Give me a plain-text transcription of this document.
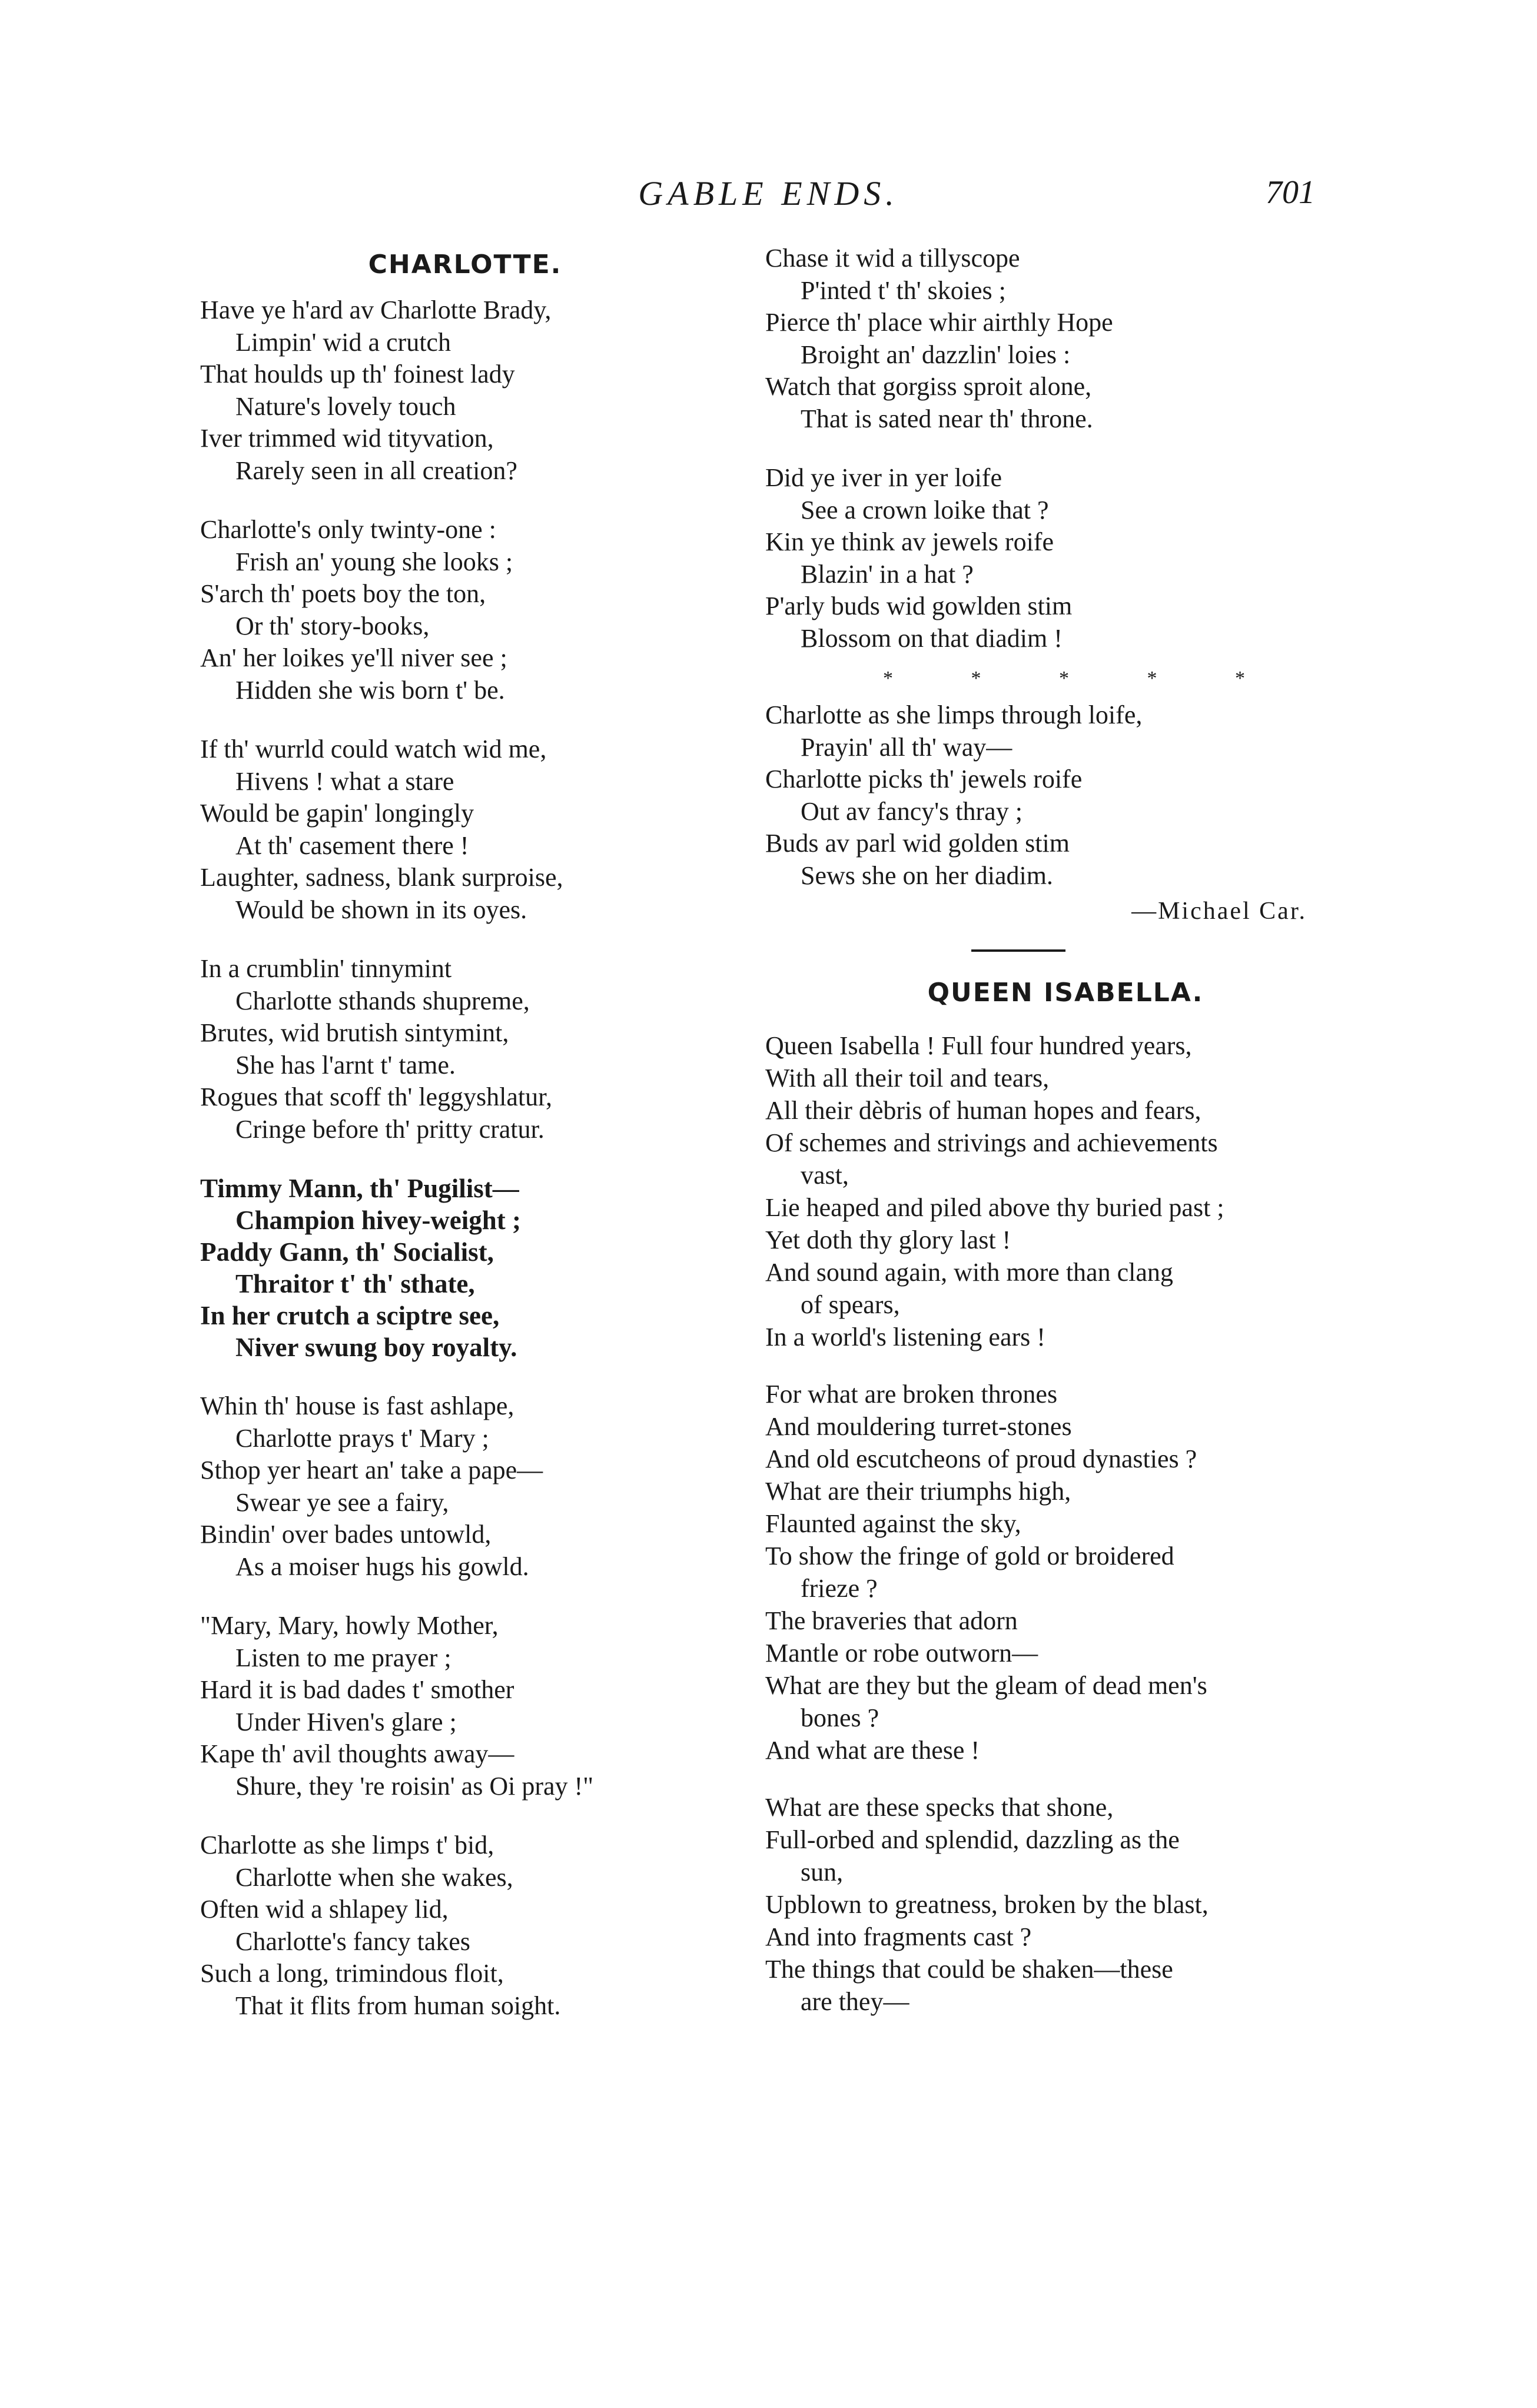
GABLE ENDS.	701
CHARLOTTE.
Have ye h'ard av Charlotte Brady,
Limpin' wid a crutch
That houlds up th' foinest lady
Nature's lovely touch
Iver trimmed wid tityvation,
Rarely seen in all creation?
Charlotte's only twinty-one :
Frish an' young she looks ;
S'arch th' poets boy the ton,
Or th' story-books,
An' her loikes ye'll niver see ;
Hidden she wis born t' be.
If th' wurrld could watch wid me,
Hivens ! what a stare
Would be gapin' longingly
At th' casement there !
Laughter, sadness, blank surproise,
Would be shown in its oyes.
In a crumblin' tinnymint
Charlotte sthands shupreme,
Brutes, wid brutish sintymint,
She has l'arnt t' tame.
Rogues that scoff th' leggyshlatur,
Cringe before th' pritty cratur.
Timmy Mann, th' Pugilist—
Champion hivey-weight ;
Paddy Gann, th' Socialist,
Thraitor t' th' sthate,
In her crutch a sciptre see,
Niver swung boy royalty.
Whin th' house is fast ashlape,
Charlotte prays t' Mary ;
Sthop yer heart an' take a pape—
Swear ye see a fairy,
Bindin' over bades untowld,
As a moiser hugs his gowld.
"Mary, Mary, howly Mother,
Listen to me prayer ;
Hard it is bad dades t' smother
Under Hiven's glare ;
Kape th' avil thoughts away—
Shure, they 're roisin' as Oi pray !"
Charlotte as she limps t' bid,
Charlotte when she wakes,
Often wid a shlapey lid,
Charlotte's fancy takes
Such a long, trimindous floit,
That it flits from human soight.
Chase it wid a tillyscope
P'inted t' th' skoies ;
Pierce th' place whir airthly Hope
Broight an' dazzlin' loies :
Watch that gorgiss sproit alone,
That is sated near th' throne.
Did ye iver in yer loife
See a crown loike that ?
Kin ye think av jewels roife
Blazin' in a hat ?
P'arly buds wid gowlden stim
Blossom on that diadim !
* * * * *
Charlotte as she limps through loife,
Prayin' all th' way—
Charlotte picks th' jewels roife
Out av fancy's thray ;
Buds av parl wid golden stim
Sews she on her diadim.
—Michael Car.
QUEEN ISABELLA.
Queen Isabella ! Full four hundred years,
With all their toil and tears,
All their dèbris of human hopes and fears,
Of schemes and strivings and achievements
vast,
Lie heaped and piled above thy buried past ;
Yet doth thy glory last !
And sound again, with more than clang
of spears,
In a world's listening ears !
For what are broken thrones
And mouldering turret-stones
And old escutcheons of proud dynasties ?
What are their triumphs high,
Flaunted against the sky,
To show the fringe of gold or broidered
frieze ?
The braveries that adorn
Mantle or robe outworn—
What are they but the gleam of dead men's
bones ?
And what are these !
What are these specks that shone,
Full-orbed and splendid, dazzling as the
sun,
Upblown to greatness, broken by the blast,
And into fragments cast ?
The things that could be shaken—these
are they—
